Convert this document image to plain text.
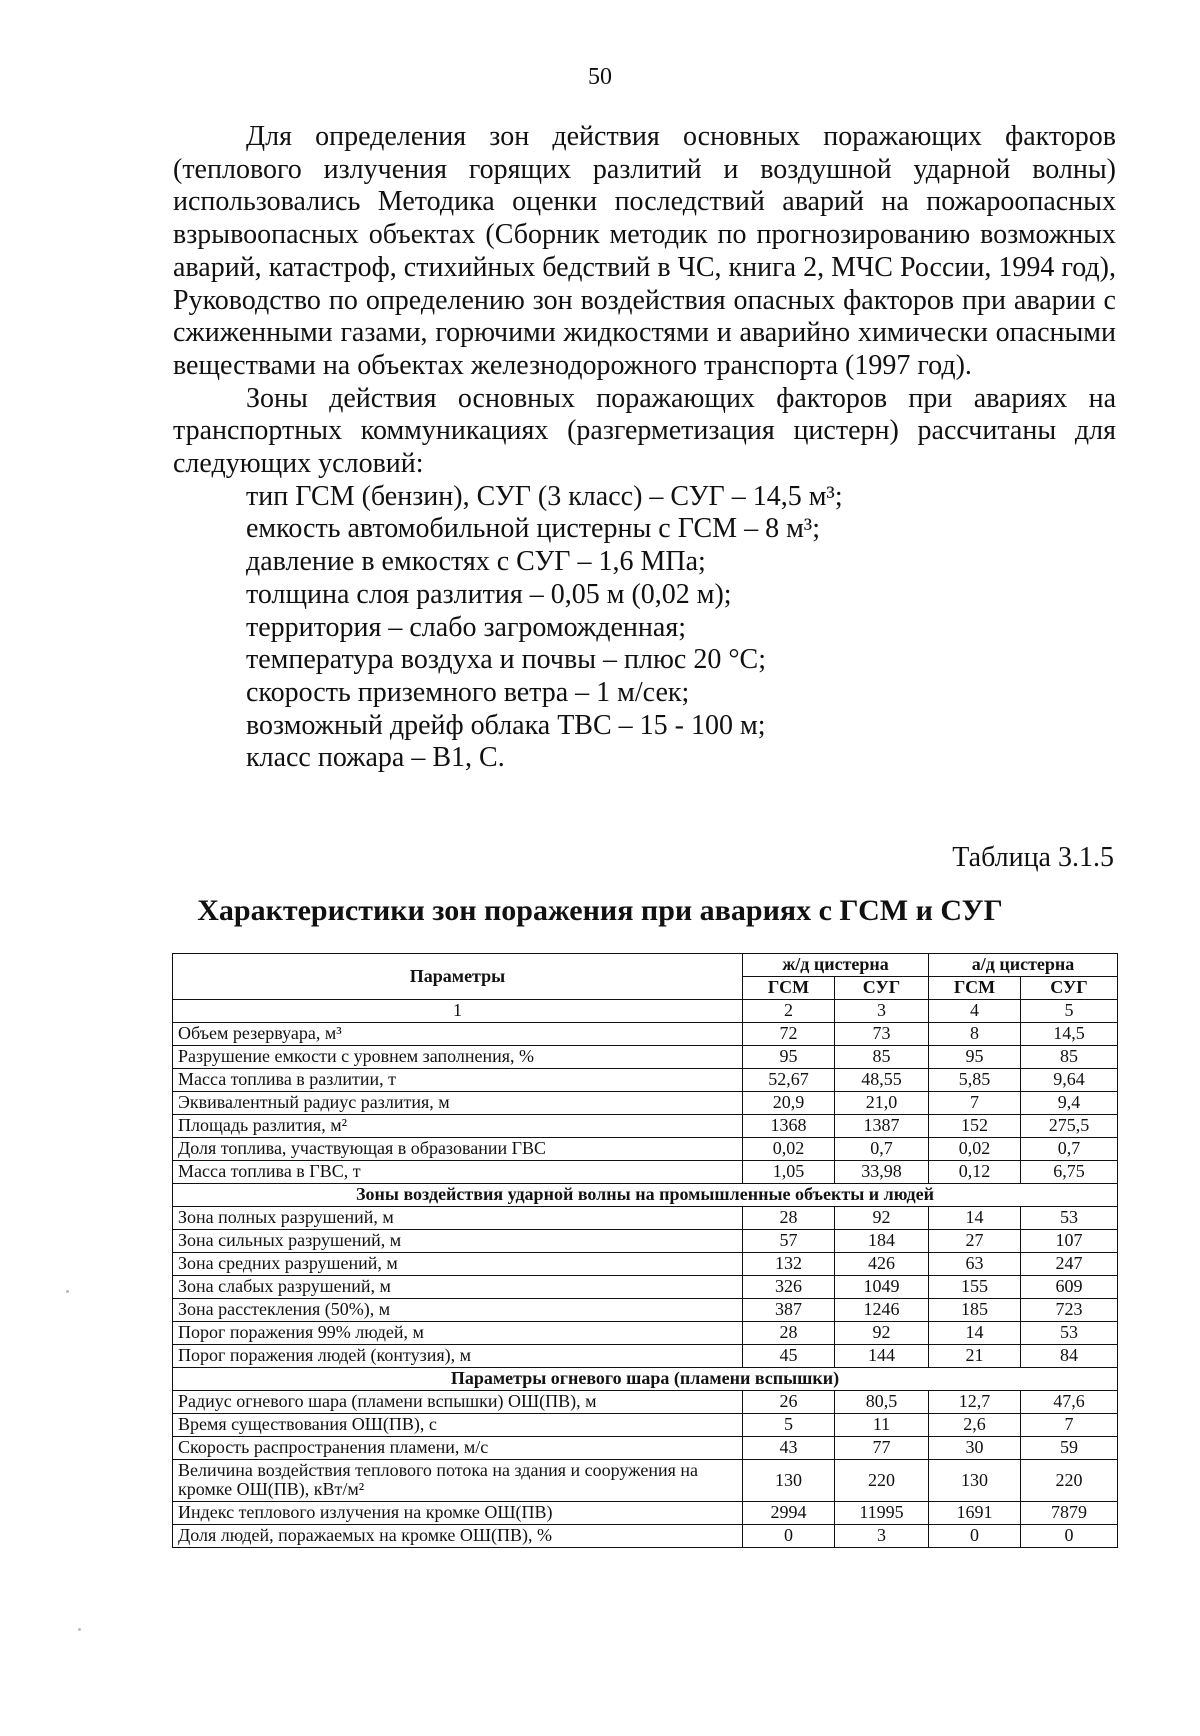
50

Для определения зон действия основных поражающих факторов (теплового излучения горящих разлитий и воздушной ударной волны) использовались Методика оценки последствий аварий на пожароопасных взрывоопасных объектах (Сборник методик по прогнозированию возможных аварий, катастроф, стихийных бедствий в ЧС, книга 2, МЧС России, 1994 год), Руководство по определению зон воздействия опасных факторов при аварии с сжиженными газами, горючими жидкостями и аварийно химически опасными веществами на объектах железнодорожного транспорта (1997 год).

Зоны действия основных поражающих факторов при авариях на транспортных коммуникациях (разгерметизация цистерн) рассчитаны для следующих условий:

тип ГСМ (бензин), СУГ (3 класс) – СУГ – 14,5 м³;

емкость автомобильной цистерны с ГСМ – 8 м³;

давление в емкостях с СУГ – 1,6 МПа;

толщина слоя разлития – 0,05 м (0,02 м);

территория – слабо загроможденная;

температура воздуха и почвы – плюс 20 °С;

скорость приземного ветра – 1 м/сек;

возможный дрейф облака ТВС – 15 - 100 м;

класс пожара – В1, С.

Таблица 3.1.5
Характеристики зон поражения при авариях с ГСМ и СУГ
Параметры	ж/д цистерна		а/д цистерна	
	ГСМ	СУГ	ГСМ	СУГ
1	2	3	4	5
Объем резервуара, м³	72	73	8	14,5
Разрушение емкости с уровнем заполнения, %	95	85	95	85
Масса топлива в разлитии, т	52,67	48,55	5,85	9,64
Эквивалентный радиус разлития, м	20,9	21,0	7	9,4
Площадь разлития, м²	1368	1387	152	275,5
Доля топлива, участвующая в образовании ГВС	0,02	0,7	0,02	0,7
Масса топлива в ГВС, т	1,05	33,98	0,12	6,75
Зоны воздействия ударной волны на промышленные объекты и людей				
Зона полных разрушений, м	28	92	14	53
Зона сильных разрушений, м	57	184	27	107
Зона средних разрушений, м	132	426	63	247
Зона слабых разрушений, м	326	1049	155	609
Зона расстекления (50%), м	387	1246	185	723
Порог поражения 99% людей, м	28	92	14	53
Порог поражения людей (контузия), м	45	144	21	84
Параметры огневого шара (пламени вспышки)				
Радиус огневого шара (пламени вспышки) ОШ(ПВ), м	26	80,5	12,7	47,6
Время существования ОШ(ПВ), с	5	11	2,6	7
Скорость распространения пламени, м/с	43	77	30	59
Величина воздействия теплового потока на здания и сооружения на кромке ОШ(ПВ), кВт/м²	130	220	130	220
Индекс теплового излучения на кромке ОШ(ПВ)	2994	11995	1691	7879
Доля людей, поражаемых на кромке ОШ(ПВ), %	0	3	0	0
